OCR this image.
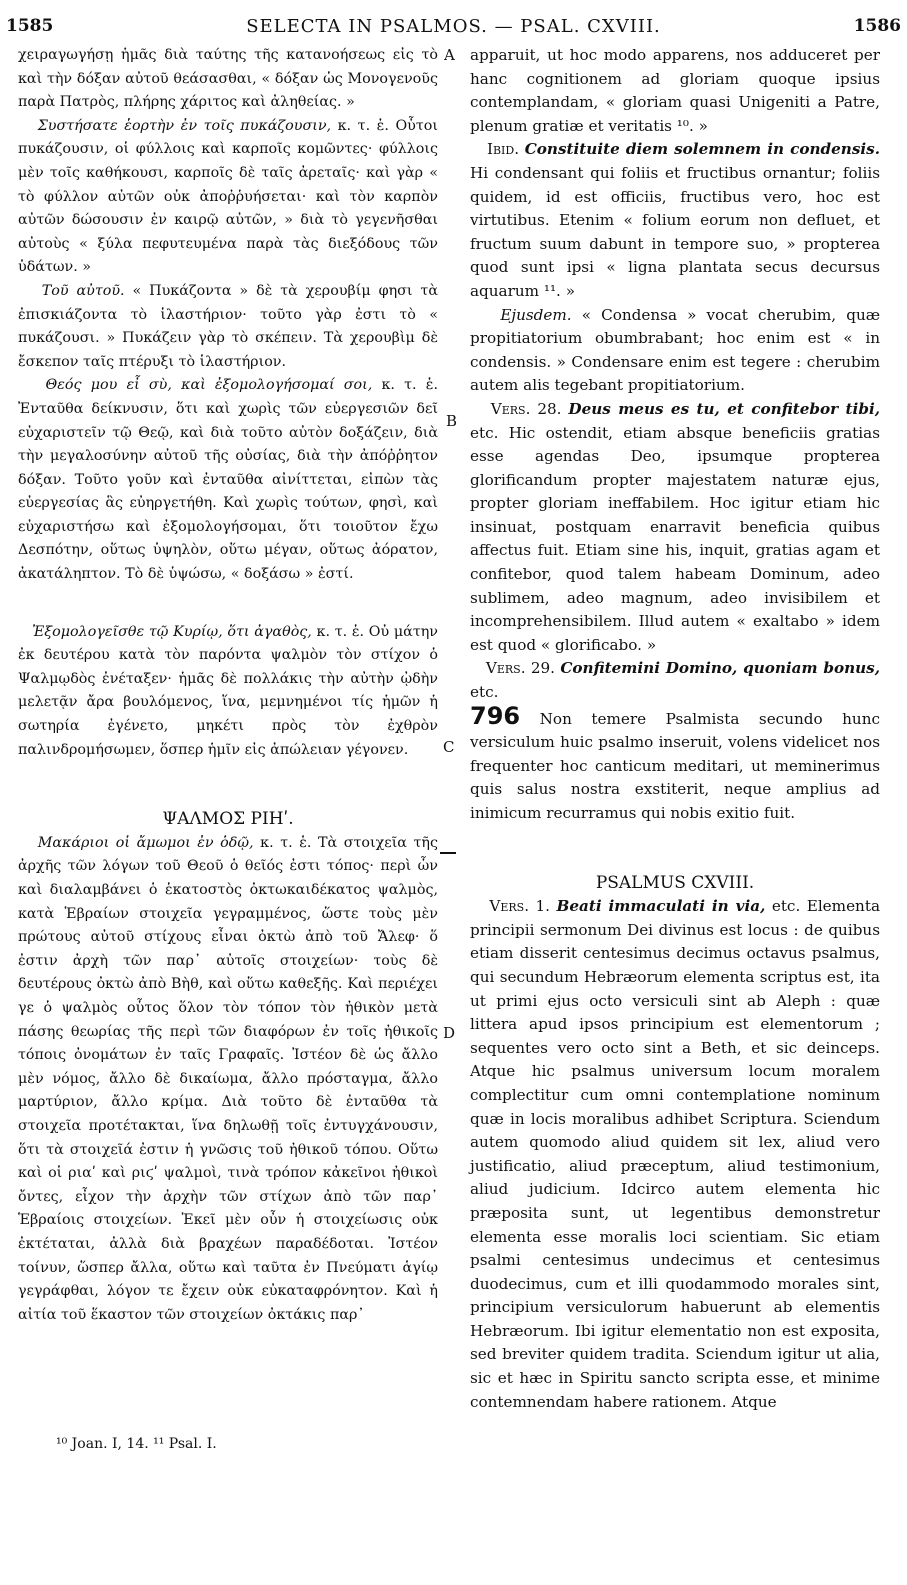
1585	SELECTA IN PSALMOS. — PSAL. CXVIII.	1586
A
B
C
D

χειραγωγήσῃ ἡμᾶς διὰ ταύτης τῆς κατανοήσεως εἰς τὸ καὶ τὴν δόξαν αὐτοῦ θεάσασθαι, « δόξαν ὡς Μονογενοῦς παρὰ Πατρὸς, πλήρης χάριτος καὶ ἀληθείας. »

Συστήσατε ἑορτὴν ἐν τοῖς πυκάζουσιν, κ. τ. ἑ. Οὗτοι πυκάζουσιν, οἱ φύλλοις καὶ καρποῖς κομῶντες· φύλλοις μὲν τοῖς καθήκουσι, καρποῖς δὲ ταῖς ἀρεταῖς· καὶ γὰρ « τὸ φύλλον αὐτῶν οὐκ ἀποῤῥυήσεται· καὶ τὸν καρπὸν αὐτῶν δώσουσιν ἐν καιρῷ αὐτῶν, » διὰ τὸ γεγενῆσθαι αὐτοὺς « ξύλα πεφυτευμένα παρὰ τὰς διεξόδους τῶν ὑδάτων. »

Τοῦ αὐτοῦ. « Πυκάζοντα » δὲ τὰ χερουβίμ φησι τὰ ἐπισκιάζοντα τὸ ἱλαστήριον· τοῦτο γὰρ ἐστι τὸ « πυκάζουσι. » Πυκάζειν γὰρ τὸ σκέπειν. Τὰ χερουβὶμ δὲ ἔσκεπον ταῖς πτέρυξι τὸ ἱλαστήριον.

Θεός μου εἶ σὺ, καὶ ἐξομολογήσομαί σοι, κ. τ. ἑ. Ἐνταῦθα δείκνυσιν, ὅτι καὶ χωρὶς τῶν εὐεργεσιῶν δεῖ εὐχαριστεῖν τῷ Θεῷ, καὶ διὰ τοῦτο αὐτὸν δοξάζειν, διὰ τὴν μεγαλοσύνην αὐτοῦ τῆς οὐσίας, διὰ τὴν ἀπόῤῥητον δόξαν. Τοῦτο γοῦν καὶ ἐνταῦθα αἰνίττεται, εἰπὼν τὰς εὐεργεσίας ἃς εὐηργετήθη. Καὶ χωρὶς τούτων, φησὶ, καὶ εὐχαριστήσω καὶ ἐξομολογήσομαι, ὅτι τοιοῦτον ἔχω Δεσπότην, οὕτως ὑψηλὸν, οὕτω μέγαν, οὕτως ἀόρατον, ἀκατάληπτον. Τὸ δὲ ὑψώσω, « δοξάσω » ἐστί.

Ἐξομολογεῖσθε τῷ Κυρίῳ, ὅτι ἀγαθὸς, κ. τ. ἑ. Οὐ μάτην ἐκ δευτέρου κατὰ τὸν παρόντα ψαλμὸν τὸν στίχον ὁ Ψαλμῳδὸς ἐνέταξεν· ἡμᾶς δὲ πολλάκις τὴν αὐτὴν ᾠδὴν μελετᾷν ἄρα βουλόμενος, ἵνα, μεμνημένοι τίς ἡμῶν ἡ σωτηρία ἐγένετο, μηκέτι πρὸς τὸν ἐχθρὸν παλινδρομήσωμεν, ὅσπερ ἡμῖν εἰς ἀπώλειαν γέγονεν.

ΨΑΛΜΟΣ ΡΙΗʹ.

Μακάριοι οἱ ἄμωμοι ἐν ὁδῷ, κ. τ. ἑ. Τὰ στοιχεῖα τῆς ἀρχῆς τῶν λόγων τοῦ Θεοῦ ὁ θεῖός ἐστι τόπος· περὶ ὧν καὶ διαλαμβάνει ὁ ἑκατοστὸς ὀκτωκαιδέκατος ψαλμὸς, κατὰ Ἑβραίων στοιχεῖα γεγραμμένος, ὥστε τοὺς μὲν πρώτους αὐτοῦ στίχους εἶναι ὀκτὼ ἀπὸ τοῦ Ἄλεφ· ὅ ἐστιν ἀρχὴ τῶν παρ᾽ αὐτοῖς στοιχείων· τοὺς δὲ δευτέρους ὀκτὼ ἀπὸ Βὴθ, καὶ οὕτω καθεξῆς. Καὶ περιέχει γε ὁ ψαλμὸς οὗτος ὅλον τὸν τόπον τὸν ἠθικὸν μετὰ πάσης θεωρίας τῆς περὶ τῶν διαφόρων ἐν τοῖς ἠθικοῖς τόποις ὀνομάτων ἐν ταῖς Γραφαῖς. Ἰστέον δὲ ὡς ἄλλο μὲν νόμος, ἄλλο δὲ δικαίωμα, ἄλλο πρόσταγμα, ἄλλο μαρτύριον, ἄλλο κρίμα. Διὰ τοῦτο δὲ ἐνταῦθα τὰ στοιχεῖα προτέτακται, ἵνα δηλωθῇ τοῖς ἐντυγχάνουσιν, ὅτι τὰ στοιχεῖά ἐστιν ἡ γνῶσις τοῦ ἠθικοῦ τόπου. Οὕτω καὶ οἱ ριαʹ καὶ ριϛʹ ψαλμοὶ, τινὰ τρόπον κἀκεῖνοι ἠθικοὶ ὄντες, εἶχον τὴν ἀρχὴν τῶν στίχων ἀπὸ τῶν παρ᾽ Ἑβραίοις στοιχείων. Ἐκεῖ μὲν οὖν ἡ στοιχείωσις οὐκ ἐκτέταται, ἀλλὰ διὰ βραχέων παραδέδοται. Ἰστέον τοίνυν, ὥσπερ ἄλλα, οὕτω καὶ ταῦτα ἐν Πνεύματι ἁγίῳ γεγράφθαι, λόγον τε ἔχειν οὐκ εὐκαταφρόνητον. Καὶ ἡ αἰτία τοῦ ἕκαστον τῶν στοιχείων ὀκτάκις παρ᾽

apparuit, ut hoc modo apparens, nos adduceret per hanc cognitionem ad gloriam quoque ipsius contemplandam, « gloriam quasi Unigeniti a Patre, plenum gratiæ et veritatis ¹⁰. »

Ibid. Constituite diem solemnem in condensis. Hi condensant qui foliis et fructibus ornantur; foliis quidem, id est officiis, fructibus vero, hoc est virtutibus. Etenim « folium eorum non defluet, et fructum suum dabunt in tempore suo, » propterea quod sunt ipsi « ligna plantata secus decursus aquarum ¹¹. »

Ejusdem. « Condensa » vocat cherubim, quæ propitiatorium obumbrabant; hoc enim est « in condensis. » Condensare enim est tegere : cherubim autem alis tegebant propitiatorium.

Vers. 28. Deus meus es tu, et confitebor tibi, etc. Hic ostendit, etiam absque beneficiis gratias esse agendas Deo, ipsumque propterea glorificandum propter majestatem naturæ ejus, propter gloriam ineffabilem. Hoc igitur etiam hic insinuat, postquam enarravit beneficia quibus affectus fuit. Etiam sine his, inquit, gratias agam et confitebor, quod talem habeam Dominum, adeo sublimem, adeo magnum, adeo invisibilem et incomprehensibilem. Illud autem « exaltabo » idem est quod « glorificabo. »

Vers. 29. Confitemini Domino, quoniam bonus, etc.
796 Non temere Psalmista secundo hunc versiculum huic psalmo inseruit, volens videlicet nos frequenter hoc canticum meditari, ut meminerimus quis salus nostra exstiterit, neque amplius ad inimicum recurramus qui nobis exitio fuit.

PSALMUS CXVIII.

Vers. 1. Beati immaculati in via, etc. Elementa principii sermonum Dei divinus est locus : de quibus etiam disserit centesimus decimus octavus psalmus, qui secundum Hebræorum elementa scriptus est, ita ut primi ejus octo versiculi sint ab Aleph : quæ littera apud ipsos principium est elementorum ; sequentes vero octo sint a Beth, et sic deinceps. Atque hic psalmus universum locum moralem complectitur cum omni contemplatione nominum quæ in locis moralibus adhibet Scriptura. Sciendum autem quomodo aliud quidem sit lex, aliud vero justificatio, aliud præceptum, aliud testimonium, aliud judicium. Idcirco autem elementa hic præposita sunt, ut legentibus demonstretur elementa esse moralis loci scientiam. Sic etiam psalmi centesimus undecimus et centesimus duodecimus, cum et illi quodammodo morales sint, principium versiculorum habuerunt ab elementis Hebræorum. Ibi igitur elementatio non est exposita, sed breviter quidem tradita. Sciendum igitur ut alia, sic et hæc in Spiritu sancto scripta esse, et minime contemnendam habere rationem. Atque

¹⁰ Joan. I, 14. ¹¹ Psal. I.
